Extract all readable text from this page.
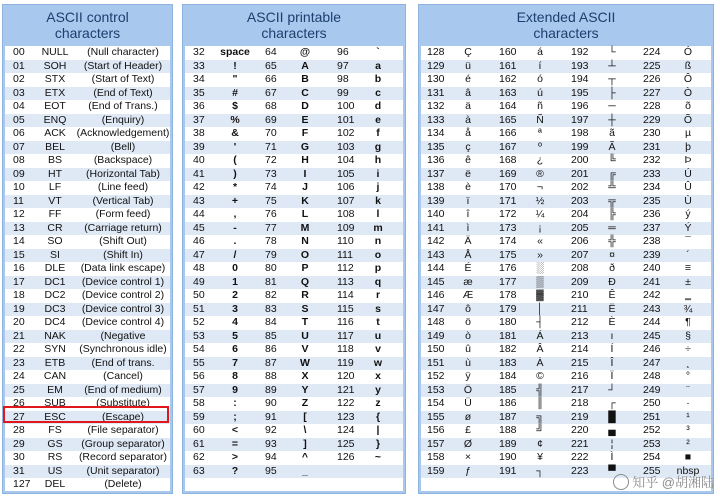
ASCII control
characters
00	NULL	(Null character)
01	SOH	(Start of Header)
02	STX	(Start of Text)
03	ETX	(End of Text)
04	EOT	(End of Trans.)
05	ENQ	(Enquiry)
06	ACK	(Acknowledgement)
07	BEL	(Bell)
08	BS	(Backspace)
09	HT	(Horizontal Tab)
10	LF	(Line feed)
11	VT	(Vertical Tab)
12	FF	(Form feed)
13	CR	(Carriage return)
14	SO	(Shift Out)
15	SI	(Shift In)
16	DLE	(Data link escape)
17	DC1	(Device control 1)
18	DC2	(Device control 2)
19	DC3	(Device control 3)
20	DC4	(Device control 4)
21	NAK	(Negative
22	SYN	(Synchronous idle)
23	ETB	(End of trans.
24	CAN	(Cancel)
25	EM	(End of medium)
26	SUB	(Substitute)
27	ESC	(Escape)
28	FS	(File separator)
29	GS	(Group separator)
30	RS	(Record separator)
31	US	(Unit separator)
127	DEL	(Delete)
ASCII printable
characters
32 space 64	@	96	`
33	!	65	A	97	a
34	"	66	B	98	b
35	#	67	C	99	c
36	$	68	D	100	d
37	%	69	E	101	e
38	&	70	F	102	f
39	'	71	G	103	g
40	(	72	H	104	h
41	)	73	I	105	i
42	*	74	J	106	j
43	+	75	K	107	k
44	,	76	L	108	l
45	-	77	M	109	m
46	.	78	N	110	n
47	/	79	O	111	o
48	0	80	P	112	p
49	1	81	Q	113	q
50	2	82	R	114	r
51	3	83	S	115	s
52	4	84	T	116	t
53	5	85	U	117	u
54	6	86	V	118	v
55	7	87	W	119	w
56	8	88	X	120	x
57	9	89	Y	121	y
58	:	90	Z	122	z
59	;	91	[	123	{
60	<	92	\	124	|
61	=	93	]	125	}
62	>	94	^	126	~
63	?	95	_
Extended ASCII
characters
128	Ç	160	á	192	└	224	Ó
129	ü	161	í	193	┴	225	ß
130	é	162	ó	194	┬	226	Ô
131	â	163	ú	195	├	227	Ò
132	ä	164	ñ	196	─	228	õ
133	à	165	Ñ	197	┼	229	Õ
134	å	166	ª	198	ã	230	µ
135	ç	167	º	199	Ã	231	þ
136	ê	168	¿	200	╚	232	Þ
137	ë	169	®	201	╔	233	Ú
138	è	170	¬	202	╩	234	Û
139	ï	171	½	203	╦	235	Ù
140	î	172	¼	204	╠	236	ý
141	ì	173	¡	205	═	237	Ý
142	Ä	174	«	206	╬	238	¯
143	Å	175	»	207	¤	239	´
144	É	176	░	208	ð	240	≡
145	æ	177	▒	209	Ð	241	±
146	Æ	178	▓	210	Ê	242	‗
147	ô	179	│	211	Ë	243	¾
148	ö	180	┤	212	È	244	¶
149	ò	181	Á	213	ı	245	§
150	û	182	Â	214	Í	246	÷
151	ù	183	À	215	Î	247	¸
152	ÿ	184	©	216	Ï	248	°
153	Ö	185	╣	217	┘	249	¨
154	Ü	186	║	218	┌	250	·
155	ø	187	╗	219	█	251	¹
156	£	188	╝	220	▄	252	³
157	Ø	189	¢	221	¦	253	²
158	×	190	¥	222	Ì	254	■
159	ƒ	191	┐	223	▀	255	nbsp
知乎 @胡湘陆
